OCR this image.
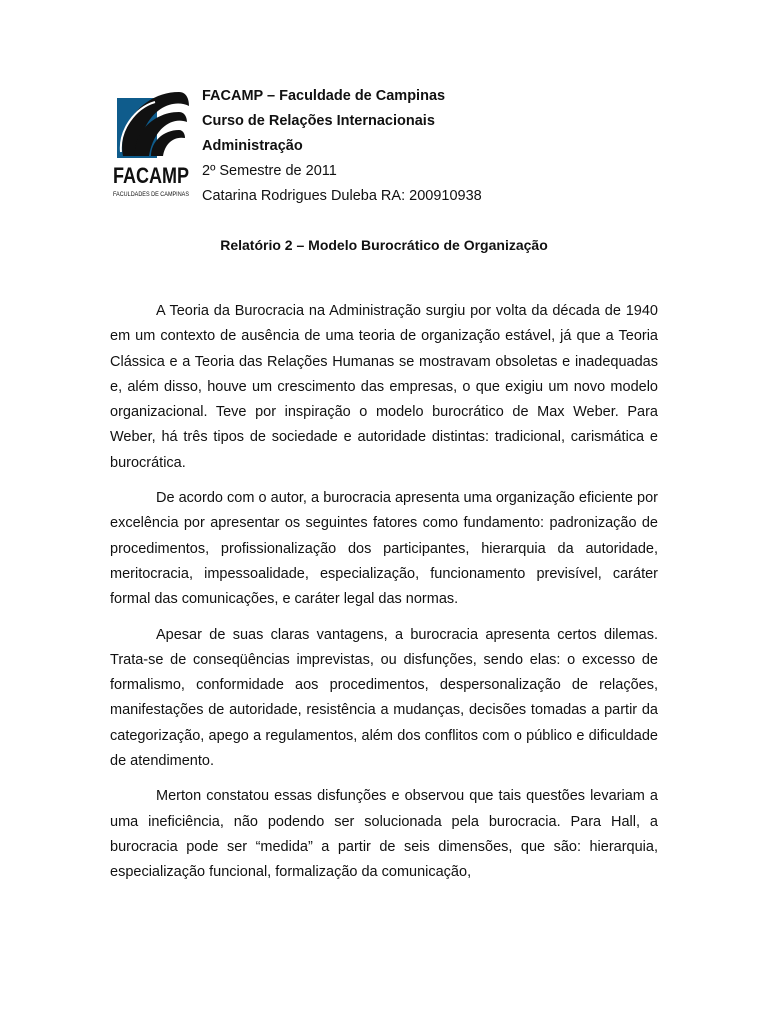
FACAMP
FACULDADES DE CAMPINAS
FACAMP – Faculdade de Campinas
Curso de Relações Internacionais
Administração
2º Semestre de 2011
Catarina Rodrigues Duleba RA: 200910938
Relatório 2 – Modelo Burocrático de Organização

A Teoria da Burocracia na Administração surgiu por volta da década de 1940 em um contexto de ausência de uma teoria de organização estável, já que a Teoria Clássica e a Teoria das Relações Humanas se mostravam obsoletas e inadequadas e, além disso, houve um crescimento das empresas, o que exigiu um novo modelo organizacional. Teve por inspiração o modelo burocrático de Max Weber. Para Weber, há três tipos de sociedade e autoridade distintas: tradicional, carismática e burocrática.

De acordo com o autor, a burocracia apresenta uma organização eficiente por excelência por apresentar os seguintes fatores como fundamento: padronização de procedimentos, profissionalização dos participantes, hierarquia da autoridade, meritocracia, impessoalidade, especialização, funcionamento previsível, caráter formal das comunicações, e caráter legal das normas.

Apesar de suas claras vantagens, a burocracia apresenta certos dilemas. Trata-se de conseqüências imprevistas, ou disfunções, sendo elas: o excesso de formalismo, conformidade aos procedimentos, despersonalização de relações, manifestações de autoridade, resistência a mudanças, decisões tomadas a partir da categorização, apego a regulamentos, além dos conflitos com o público e dificuldade de atendimento.

Merton constatou essas disfunções e observou que tais questões levariam a uma ineficiência, não podendo ser solucionada pela burocracia. Para Hall, a burocracia pode ser “medida” a partir de seis dimensões, que são: hierarquia, especialização funcional, formalização da comunicação,
